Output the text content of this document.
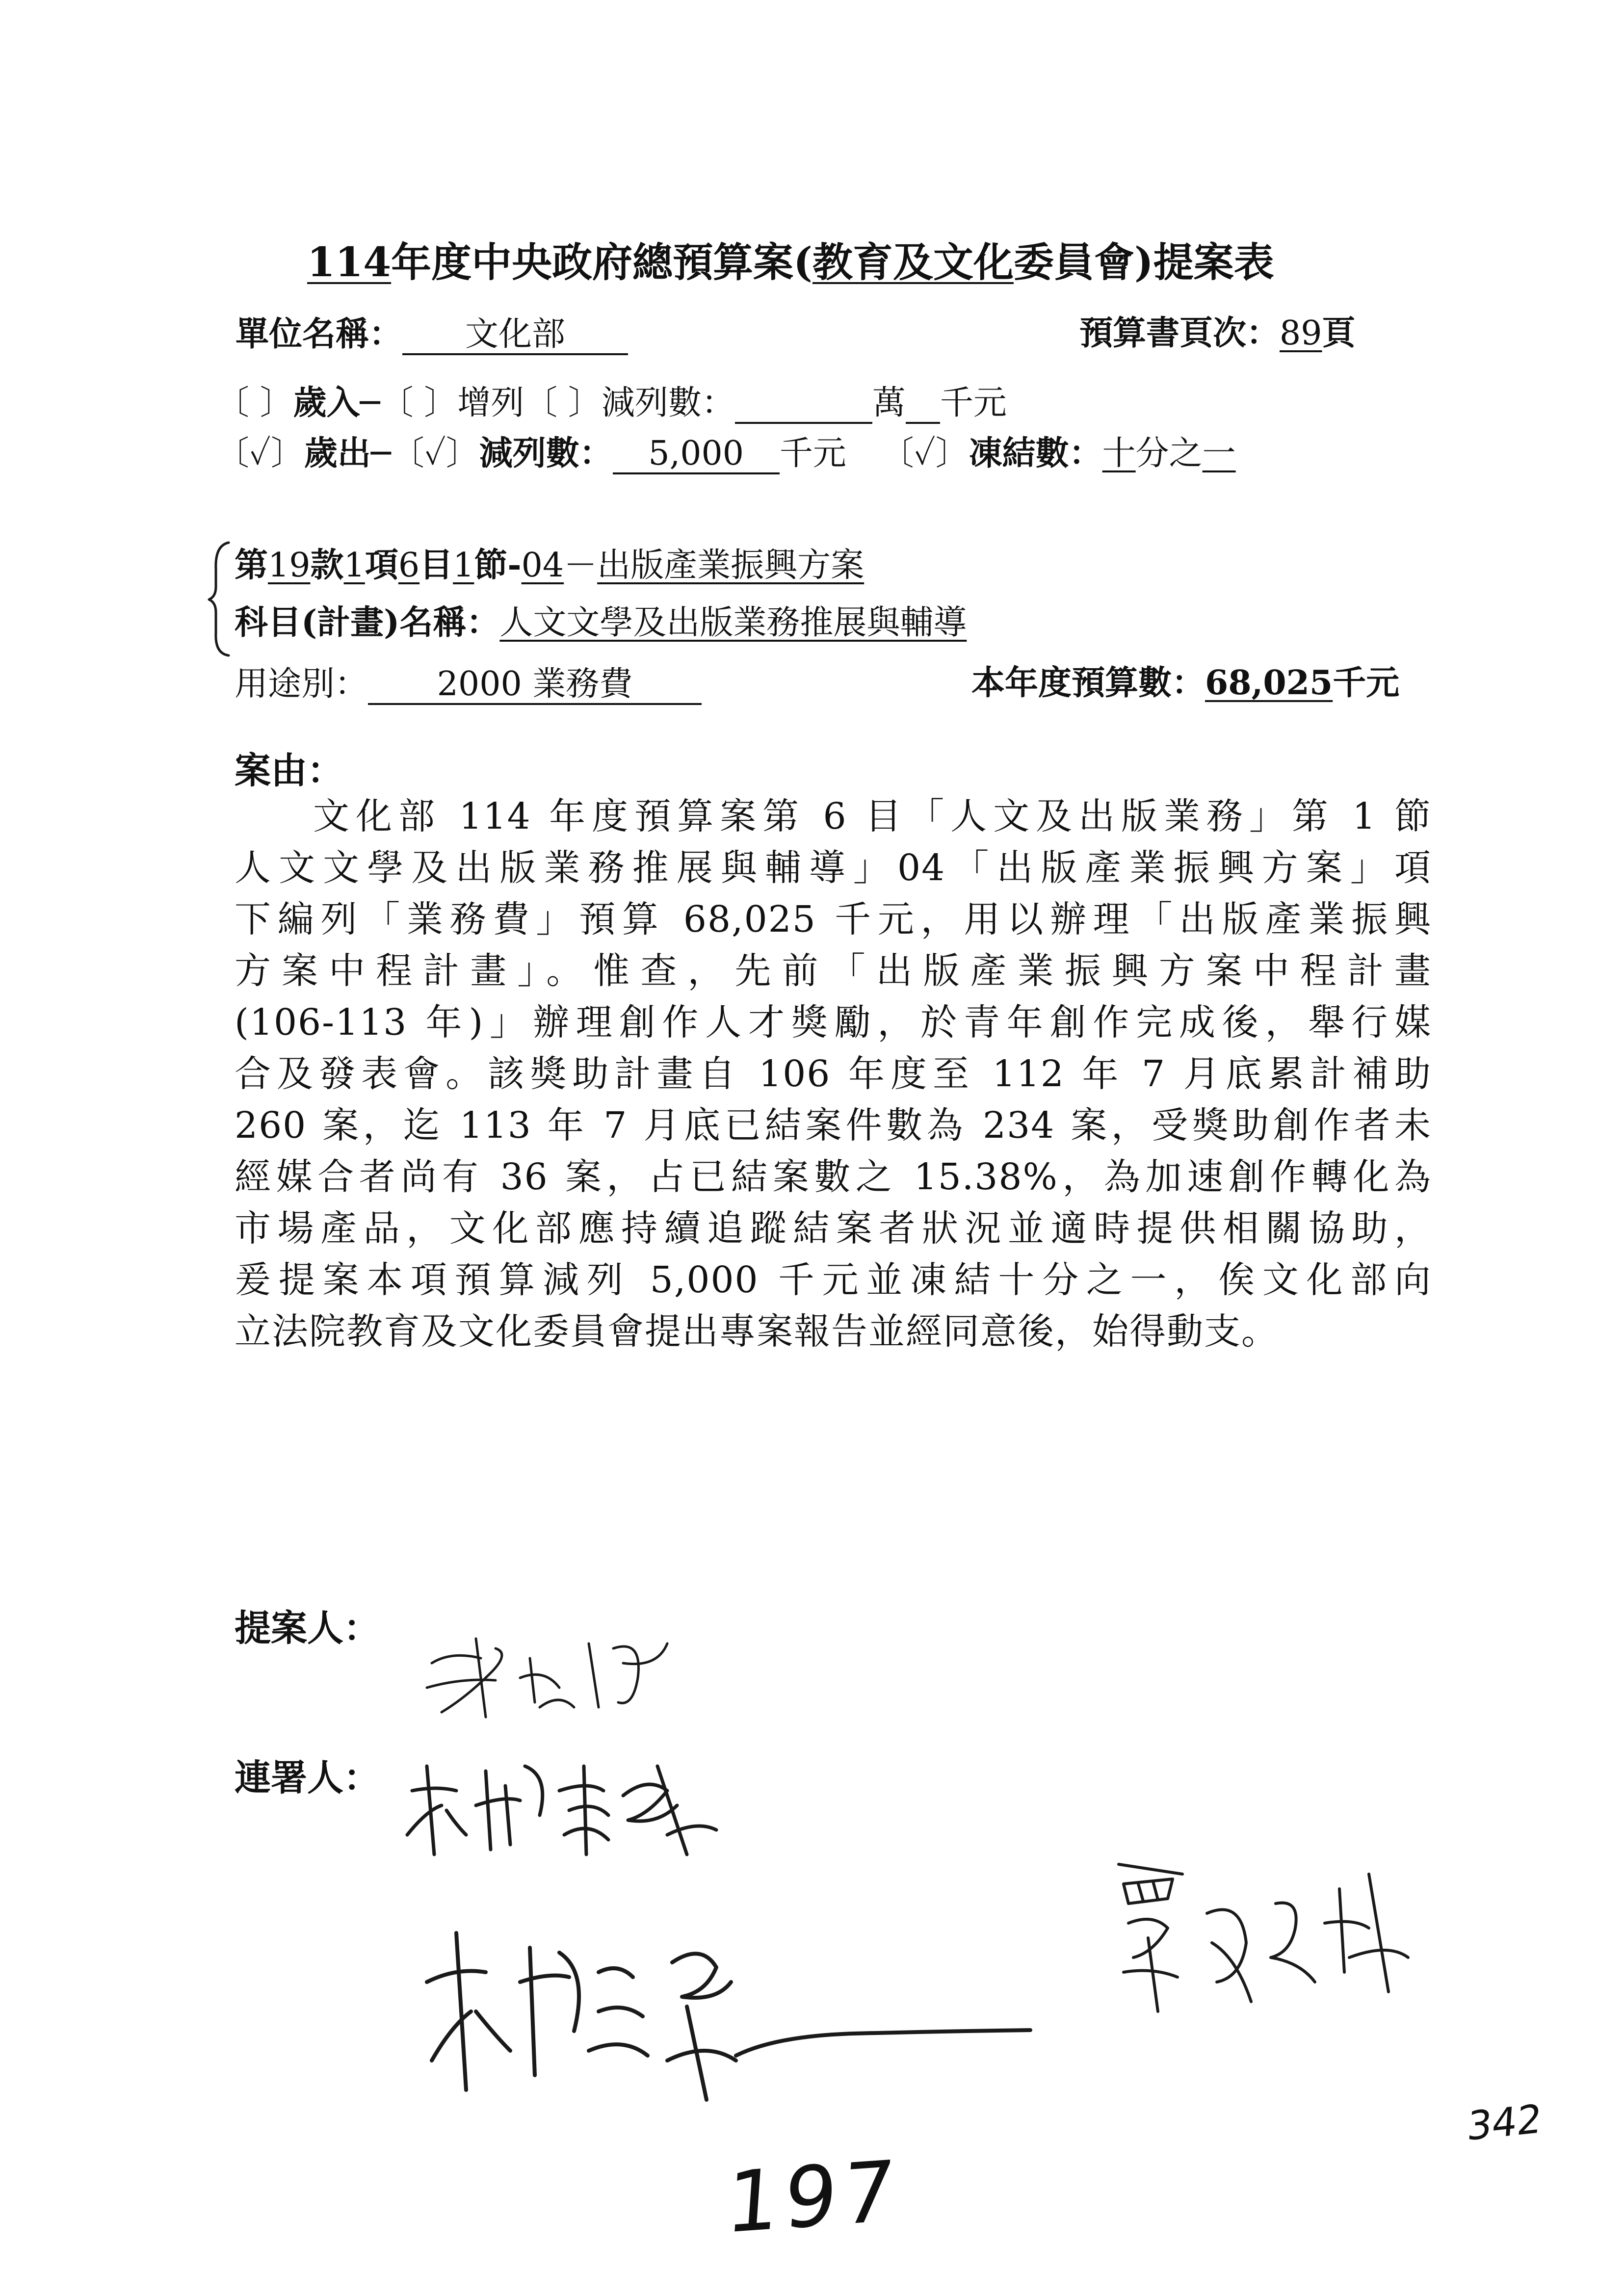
114年度中央政府總預算案(教育及文化委員會)提案表
單位名稱： 文化部	預算書頁次：89頁
〔 〕歲入─〔 〕增列〔 〕減列數：	萬 千元
〔✓〕歲出─〔✓〕減列數： 5,000 千元 〔✓〕凍結數：十分之一
第19款1項6目1節-04－出版產業振興方案
科目(計畫)名稱：人文文學及出版業務推展與輔導
用途別： 2000 業務費	本年度預算數：68,025千元
案由：

文化部 114 年度預算案第 6 目「人文及出版業務」第 1 節

人文文學及出版業務推展與輔導」04「出版產業振興方案」項

下編列「業務費」預算 68,025 千元，用以辦理「出版產業振興

方案中程計畫」。惟查，先前「出版產業振興方案中程計畫

(106-113 年)」辦理創作人才獎勵，於青年創作完成後，舉行媒

合及發表會。該獎助計畫自 106 年度至 112 年 7 月底累計補助

260 案，迄 113 年 7 月底已結案件數為 234 案，受獎助創作者未

經媒合者尚有 36 案，占已結案數之 15.38%，為加速創作轉化為

市場產品，文化部應持續追蹤結案者狀況並適時提供相關協助，

爰提案本項預算減列 5,000 千元並凍結十分之一，俟文化部向

立法院教育及文化委員會提出專案報告並經同意後，始得動支。

提案人：
連署人：
197
342
